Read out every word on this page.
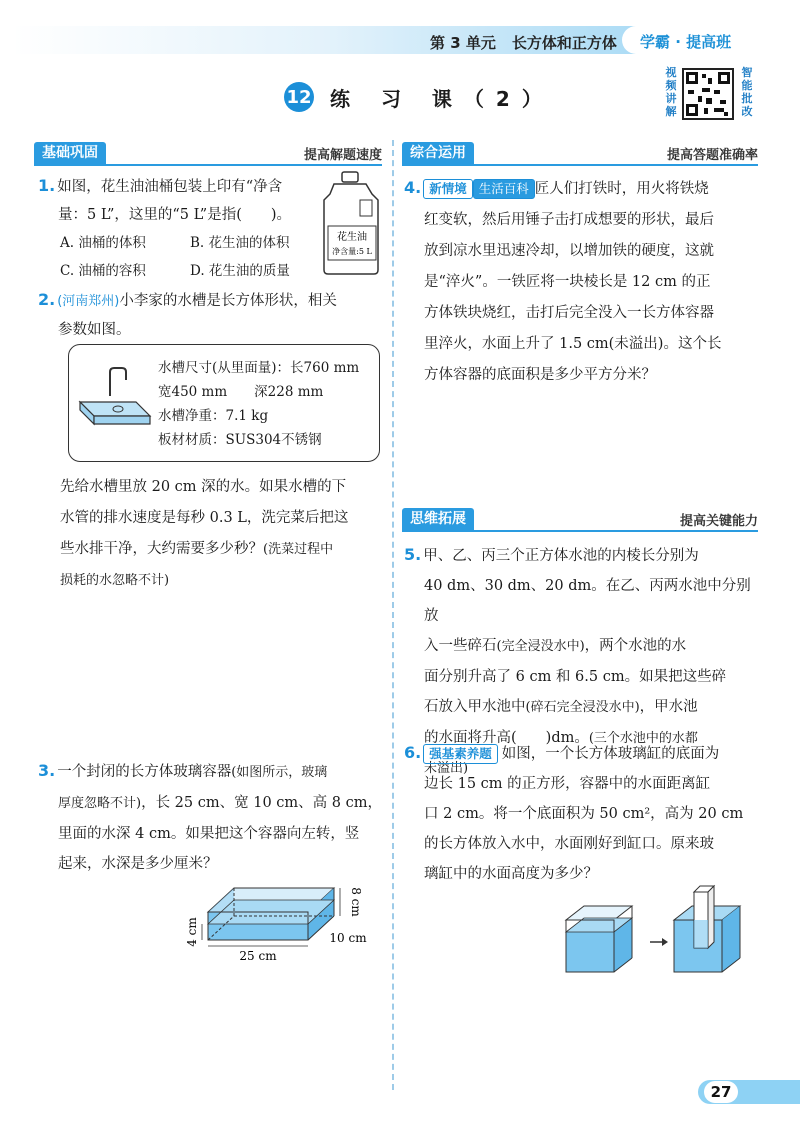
第 3 单元 长方体和正方体	学霸 · 提高班
12 练 习 课（2）
视频讲解
智能批改
基础巩固	提高解题速度	综合运用	提高答题准确率
思维拓展	提高关键能力
1. 如图，花生油油桶包装上印有“净含
量：5 L”，这里的“5 L”是指(　　)。
A. 油桶的体积	B. 花生油的体积
C. 油桶的容积	D. 花生油的质量
花生油
净含量:5 L
2. (河南郑州)小李家的水槽是长方体形状，相关
参数如图。
水槽尺寸(从里面量)：长760 mm
宽450 mm　　深228 mm
水槽净重：7.1 kg
板材材质：SUS304不锈钢
先给水槽里放 20 cm 深的水。如果水槽的下
水管的排水速度是每秒 0.3 L，洗完菜后把这
些水排干净，大约需要多少秒？(洗菜过程中
损耗的水忽略不计)
3. 一个封闭的长方体玻璃容器(如图所示，玻璃
厚度忽略不计)，长 25 cm、宽 10 cm、高 8 cm，
里面的水深 4 cm。如果把这个容器向左转，竖
起来，水深是多少厘米？
25 cm
4 cm
8 cm
10 cm
4. 新情境 生活百科 匠人们打铁时，用火将铁烧
红变软，然后用锤子击打成想要的形状，最后
放到凉水里迅速冷却，以增加铁的硬度，这就
是“淬火”。一铁匠将一块棱长是 12 cm 的正
方体铁块烧红，击打后完全没入一长方体容器
里淬火，水面上升了 1.5 cm(未溢出)。这个长
方体容器的底面积是多少平方分米？
5. 甲、乙、丙三个正方体水池的内棱长分别为
40 dm、30 dm、20 dm。在乙、丙两水池中分别放
入一些碎石(完全浸没水中)，两个水池的水
面分别升高了 6 cm 和 6.5 cm。如果把这些碎
石放入甲水池中(碎石完全浸没水中)，甲水池
的水面将升高(　　)dm。(三个水池中的水都
未溢出)
6. 强基素养题 如图，一个长方体玻璃缸的底面为
边长 15 cm 的正方形，容器中的水面距离缸
口 2 cm。将一个底面积为 50 cm²，高为 20 cm
的长方体放入水中，水面刚好到缸口。原来玻
璃缸中的水面高度为多少？
27
